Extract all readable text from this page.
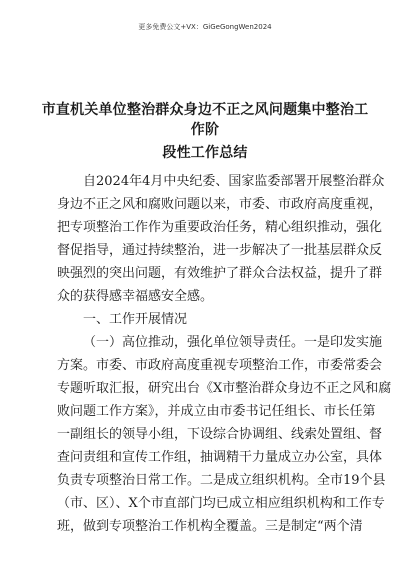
更多免费公文+VX：GiGeGongWen2024
市直机关单位整治群众身边不正之风问题集中整治工作阶
段性工作总结
自2024年4月中央纪委、国家监委部署开展整治群众
身边不正之风和腐败问题以来，市委、市政府高度重视，
把专项整治工作作为重要政治任务，精心组织推动，强化
督促指导，通过持续整治，进一步解决了一批基层群众反
映强烈的突出问题，有效维护了群众合法权益，提升了群
众的获得感幸福感安全感。
一、工作开展情况
（一）高位推动，强化单位领导责任。一是印发实施
方案。市委、市政府高度重视专项整治工作，市委常委会
专题听取汇报，研究出台《X市整治群众身边不正之风和腐
败问题工作方案》，并成立由市委书记任组长、市长任第
一副组长的领导小组，下设综合协调组、线索处置组、督
查问责组和宣传工作组，抽调精干力量成立办公室，具体
负责专项整治日常工作。二是成立组织机构。全市19个县
（市、区）、X个市直部门均已成立相应组织机构和工作专
班，做到专项整治工作机构全覆盖。三是制定“两个清
